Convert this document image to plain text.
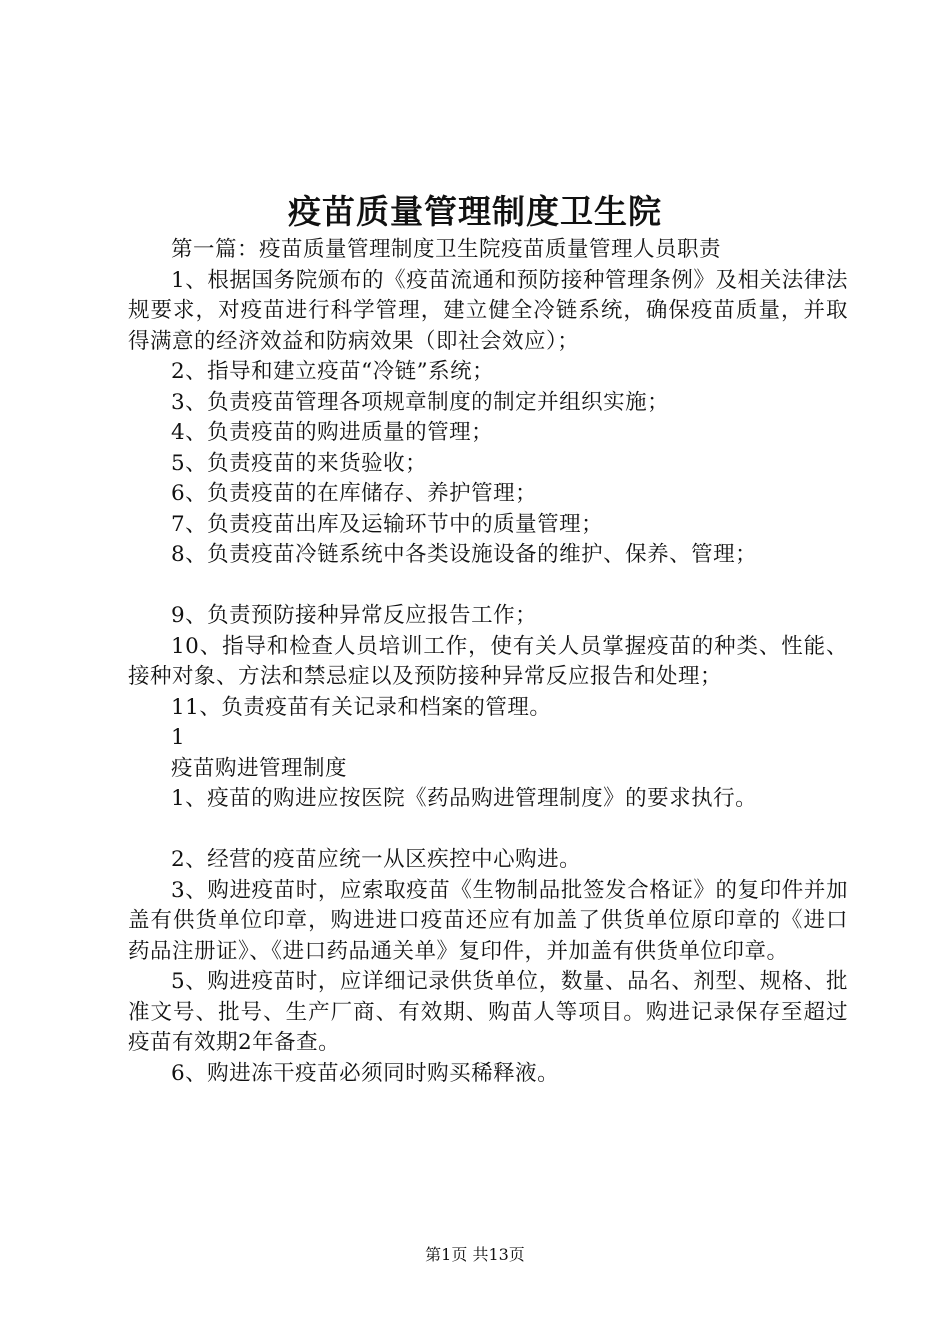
疫苗质量管理制度卫生院

第一篇：疫苗质量管理制度卫生院疫苗质量管理人员职责

1、根据国务院颁布的《疫苗流通和预防接种管理条例》及相关法律法规要求，对疫苗进行科学管理，建立健全冷链系统，确保疫苗质量，并取得满意的经济效益和防病效果（即社会效应）；

2、指导和建立疫苗“冷链”系统；

3、负责疫苗管理各项规章制度的制定并组织实施；

4、负责疫苗的购进质量的管理；

5、负责疫苗的来货验收；

6、负责疫苗的在库储存、养护管理；

7、负责疫苗出库及运输环节中的质量管理；

8、负责疫苗冷链系统中各类设施设备的维护、保养、管理；

9、负责预防接种异常反应报告工作；

10、指导和检查人员培训工作，使有关人员掌握疫苗的种类、性能、接种对象、方法和禁忌症以及预防接种异常反应报告和处理；

11、负责疫苗有关记录和档案的管理。

1

疫苗购进管理制度

1、疫苗的购进应按医院《药品购进管理制度》的要求执行。

2、经营的疫苗应统一从区疾控中心购进。

3、购进疫苗时，应索取疫苗《生物制品批签发合格证》的复印件并加盖有供货单位印章，购进进口疫苗还应有加盖了供货单位原印章的《进口药品注册证》、《进口药品通关单》复印件，并加盖有供货单位印章。

5、购进疫苗时，应详细记录供货单位，数量、品名、剂型、规格、批准文号、批号、生产厂商、有效期、购苗人等项目。购进记录保存至超过疫苗有效期2年备查。

6、购进冻干疫苗必须同时购买稀释液。

第1页 共13页
